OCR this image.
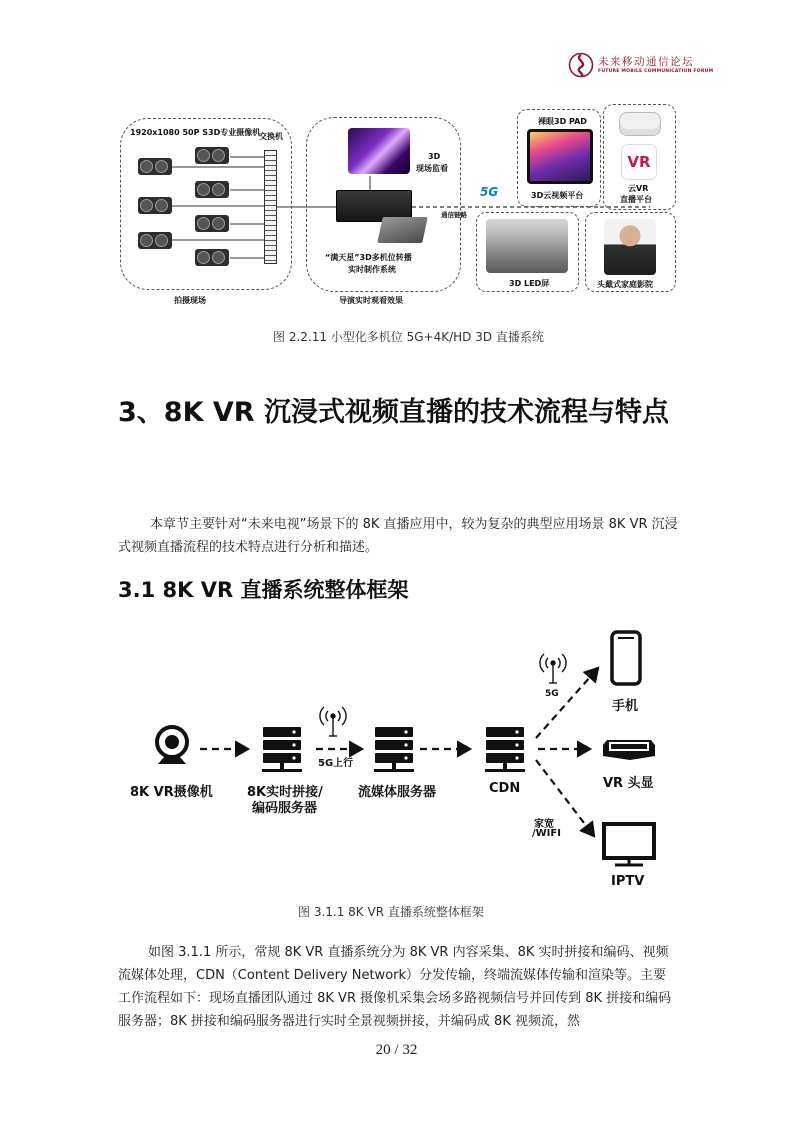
未来移动通信论坛
FUTURE MOBILE COMMUNICATION FORUM
1920x1080 50P S3D专业摄像机
交换机
拍摄现场
3D
现场监看
“满天星”3D多机位转播
实时制作系统
导演实时观看效果
通信链路
5G
裸眼3D PAD
3D云视频平台
VR
云VR
直播平台
3D LED屏	头戴式家庭影院
图 2.2.11 小型化多机位 5G+4K/HD 3D 直播系统
3、8K VR 沉浸式视频直播的技术流程与特点
本章节主要针对“未来电视”场景下的 8K 直播应用中，较为复杂的典型应用场景 8K VR 沉浸式视频直播流程的技术特点进行分析和描述。
3.1 8K VR 直播系统整体框架
8K VR摄像机	8K实时拼接/
编码服务器
5G上行
流媒体服务器	CDN
5G
家宽
/WIFI
手机
VR 头显
IPTV
图 3.1.1 8K VR 直播系统整体框架
如图 3.1.1 所示，常规 8K VR 直播系统分为 8K VR 内容采集、8K 实时拼接和编码、视频流媒体处理，CDN（Content Delivery Network）分发传输，终端流媒体传输和渲染等。主要工作流程如下：现场直播团队通过 8K VR 摄像机采集会场多路视频信号并回传到 8K 拼接和编码服务器；8K 拼接和编码服务器进行实时全景视频拼接，并编码成 8K 视频流，然
20 / 32
